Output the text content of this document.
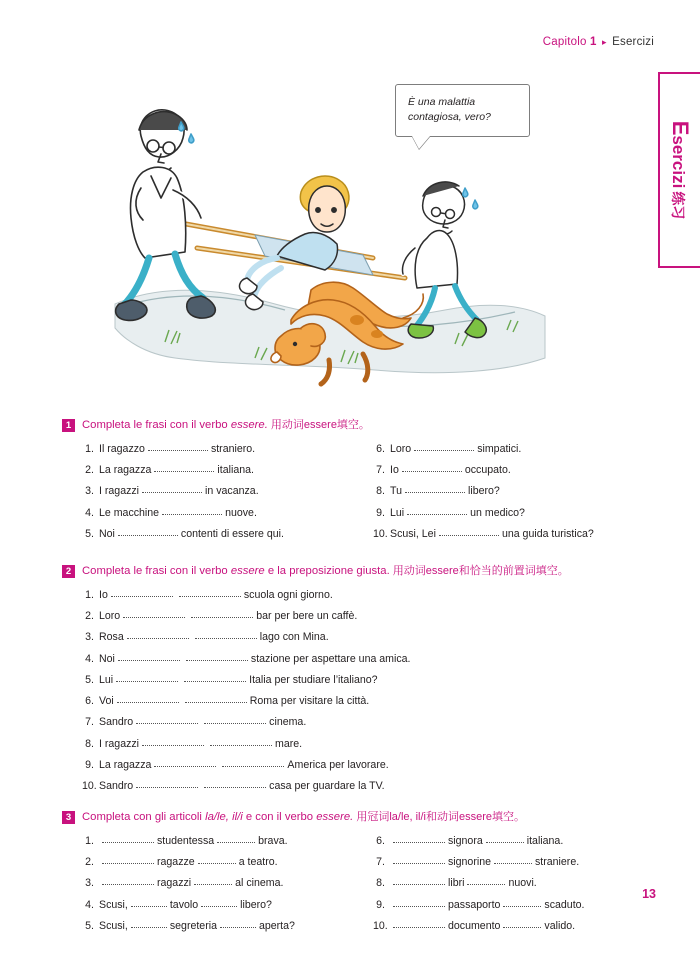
Capitolo 1 ▸ Esercizi
Esercizi练习
È una malattia contagiosa, vero?
1 Completa le frasi con il verbo essere. 用动词essere填空。
1. Il ragazzo	straniero.
2. La ragazza	italiana.
3. I ragazzi	in vacanza.
4. Le macchine	nuove.
5. Noi	contenti di essere qui.
6. Loro	simpatici.
7. Io	occupato.
8. Tu	libero?
9. Lui	un medico?
10. Scusi, Lei	una guida turistica?
2 Completa le frasi con il verbo essere e la preposizione giusta. 用动词essere和恰当的前置词填空。
1. Io	scuola ogni giorno.
2. Loro	bar per bere un caffè.
3. Rosa	lago con Mina.
4. Noi	stazione per aspettare una amica.
5. Lui	Italia per studiare l’italiano?
6. Voi	Roma per visitare la città.
7. Sandro	cinema.
8. I ragazzi	mare.
9. La ragazza	America per lavorare.
10. Sandro	casa per guardare la TV.
3 Completa con gli articoli la/le, il/i e con il verbo essere. 用冠词la/le, il/i和动词essere填空。
1.	studentessa	brava.
2.	ragazze	a teatro.
3.	ragazzi	al cinema.
4. Scusi,	tavolo	libero?
5. Scusi,	segreteria	aperta?
6.	signora	italiana.
7.	signorine	straniere.
8.	libri	nuovi.
9.	passaporto	scaduto.
10.	documento	valido.
13
